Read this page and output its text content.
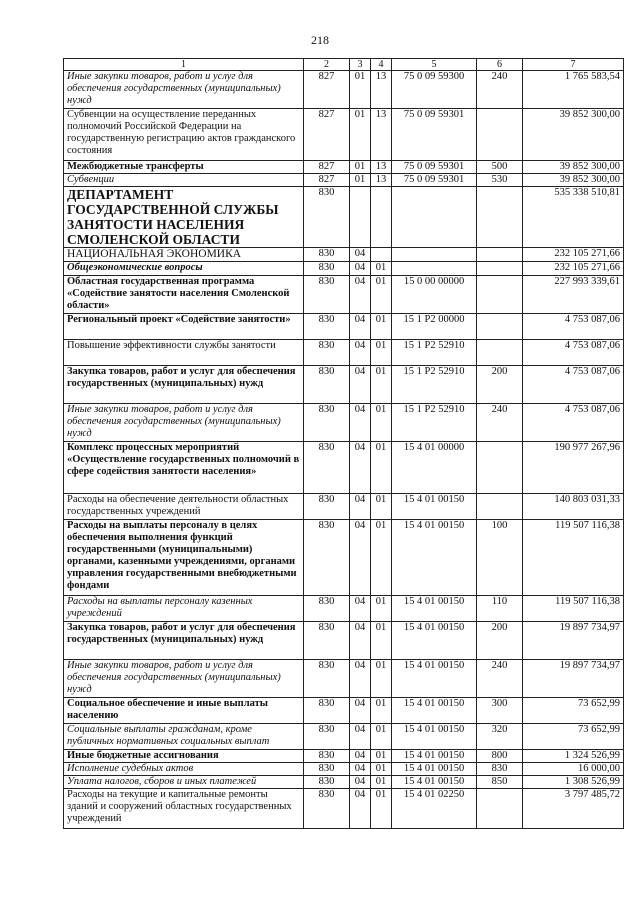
218
1	2	3	4	5	6	7
Иные закупки товаров, работ и услуг для обеспечения государственных (муниципальных) нужд	827	01	13	75 0 09 59300	240	1 765 583,54
Субвенции на осуществление переданных полномочий Российской Федерации на государственную регистрацию актов гражданского состояния	827	01	13	75 0 09 59301		39 852 300,00
Межбюджетные трансферты	827	01	13	75 0 09 59301	500	39 852 300,00
Субвенции	827	01	13	75 0 09 59301	530	39 852 300,00
ДЕПАРТАМЕНТ ГОСУДАРСТВЕННОЙ СЛУЖБЫ ЗАНЯТОСТИ НАСЕЛЕНИЯ СМОЛЕНСКОЙ ОБЛАСТИ	830					535 338 510,81
НАЦИОНАЛЬНАЯ ЭКОНОМИКА	830	04				232 105 271,66
Общеэкономические вопросы	830	04	01			232 105 271,66
Областная государственная программа «Содействие занятости населения Смоленской области»	830	04	01	15 0 00 00000		227 993 339,61
Региональный проект «Содействие занятости»	830	04	01	15 1 P2 00000		4 753 087,06
Повышение эффективности службы занятости	830	04	01	15 1 P2 52910		4 753 087,06
Закупка товаров, работ и услуг для обеспечения государственных (муниципальных) нужд	830	04	01	15 1 P2 52910	200	4 753 087,06
Иные закупки товаров, работ и услуг для обеспечения государственных (муниципальных) нужд	830	04	01	15 1 P2 52910	240	4 753 087,06
Комплекс процессных мероприятий «Осуществление государственных полномочий в сфере содействия занятости населения»	830	04	01	15 4 01 00000		190 977 267,96
Расходы на обеспечение деятельности областных государственных учреждений	830	04	01	15 4 01 00150		140 803 031,33
Расходы на выплаты персоналу в целях обеспечения выполнения функций государственными (муниципальными) органами, казенными учреждениями, органами управления государственными внебюджетными фондами	830	04	01	15 4 01 00150	100	119 507 116,38
Расходы на выплаты персоналу казенных учреждений	830	04	01	15 4 01 00150	110	119 507 116,38
Закупка товаров, работ и услуг для обеспечения государственных (муниципальных) нужд	830	04	01	15 4 01 00150	200	19 897 734,97
Иные закупки товаров, работ и услуг для обеспечения государственных (муниципальных) нужд	830	04	01	15 4 01 00150	240	19 897 734,97
Социальное обеспечение и иные выплаты населению	830	04	01	15 4 01 00150	300	73 652,99
Социальные выплаты гражданам, кроме публичных нормативных социальных выплат	830	04	01	15 4 01 00150	320	73 652,99
Иные бюджетные ассигнования	830	04	01	15 4 01 00150	800	1 324 526,99
Исполнение судебных актов	830	04	01	15 4 01 00150	830	16 000,00
Уплата налогов, сборов и иных платежей	830	04	01	15 4 01 00150	850	1 308 526,99
Расходы на текущие и капитальные ремонты зданий и сооружений областных государственных учреждений	830	04	01	15 4 01 02250		3 797 485,72
